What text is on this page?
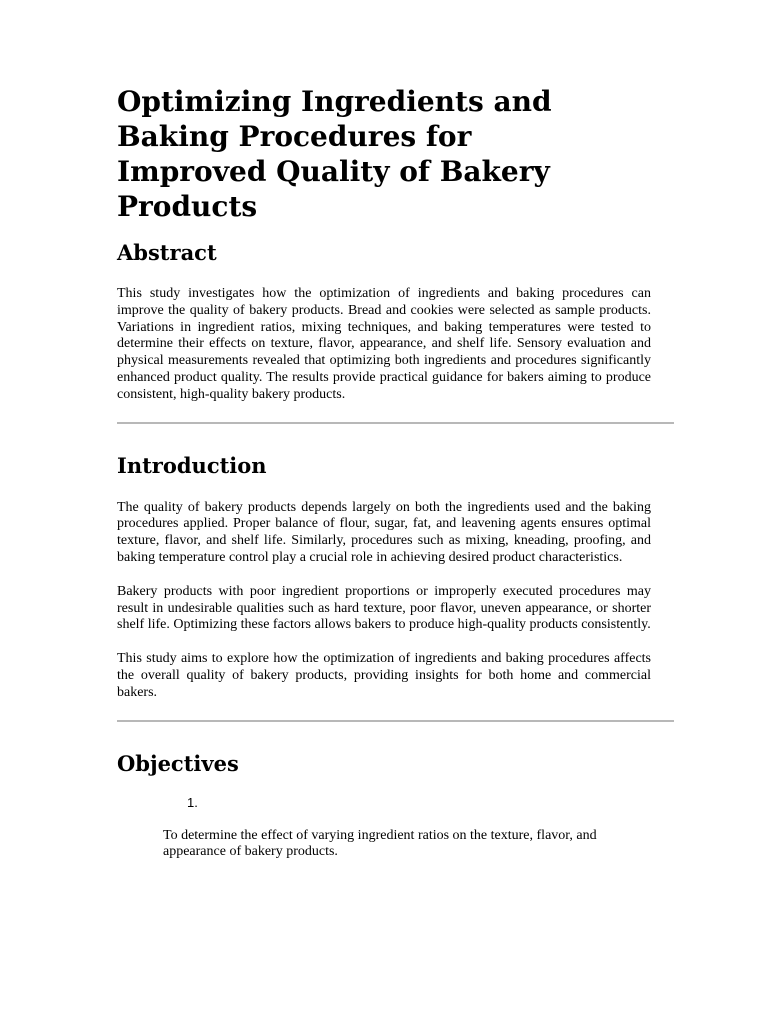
Optimizing Ingredients and Baking Procedures for Improved Quality of Bakery Products
Abstract

This study investigates how the optimization of ingredients and baking procedures can improve the quality of bakery products. Bread and cookies were selected as sample products. Variations in ingredient ratios, mixing techniques, and baking temperatures were tested to determine their effects on texture, flavor, appearance, and shelf life. Sensory evaluation and physical measurements revealed that optimizing both ingredients and procedures significantly enhanced product quality. The results provide practical guidance for bakers aiming to produce consistent, high-quality bakery products.

Introduction

The quality of bakery products depends largely on both the ingredients used and the baking procedures applied. Proper balance of flour, sugar, fat, and leavening agents ensures optimal texture, flavor, and shelf life. Similarly, procedures such as mixing, kneading, proofing, and baking temperature control play a crucial role in achieving desired product characteristics.

Bakery products with poor ingredient proportions or improperly executed procedures may result in undesirable qualities such as hard texture, poor flavor, uneven appearance, or shorter shelf life. Optimizing these factors allows bakers to produce high-quality products consistently.

This study aims to explore how the optimization of ingredients and baking procedures affects the overall quality of bakery products, providing insights for both home and commercial bakers.

Objectives
1.

To determine the effect of varying ingredient ratios on the texture, flavor, and appearance of bakery products.
